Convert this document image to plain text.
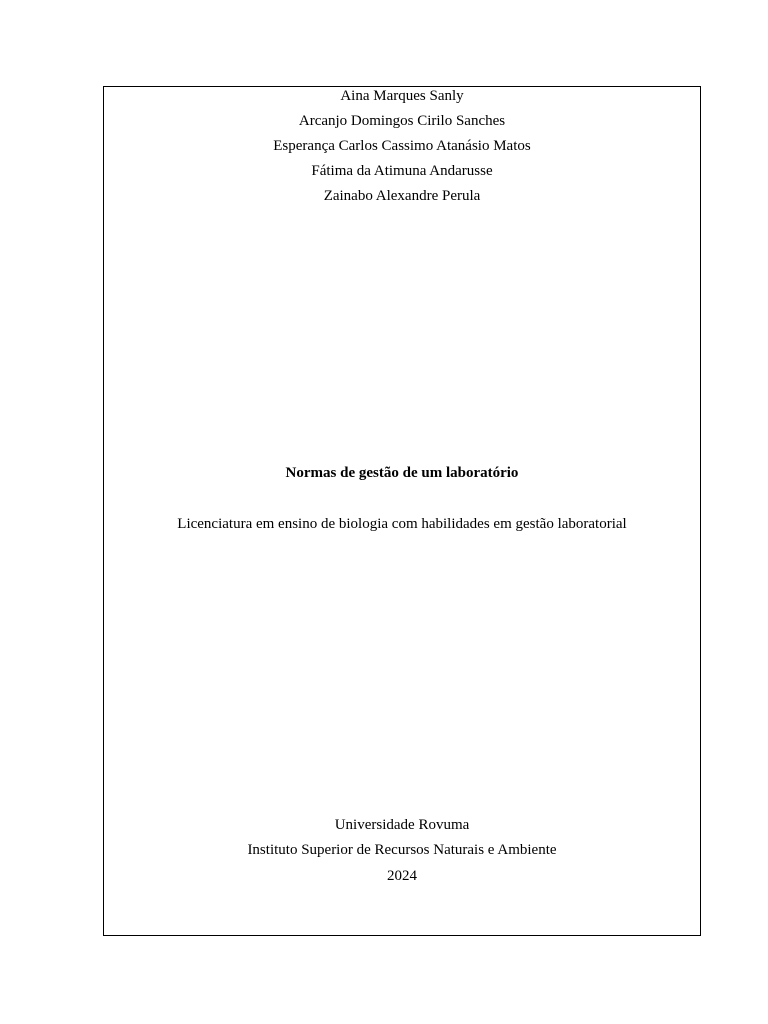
Aina Marques Sanly
Arcanjo Domingos Cirilo Sanches
Esperança Carlos Cassimo Atanásio Matos
Fátima da Atimuna Andarusse
Zainabo Alexandre Perula
Normas de gestão de um laboratório
Licenciatura em ensino de biologia com habilidades em gestão laboratorial
Universidade Rovuma
Instituto Superior de Recursos Naturais e Ambiente
2024
